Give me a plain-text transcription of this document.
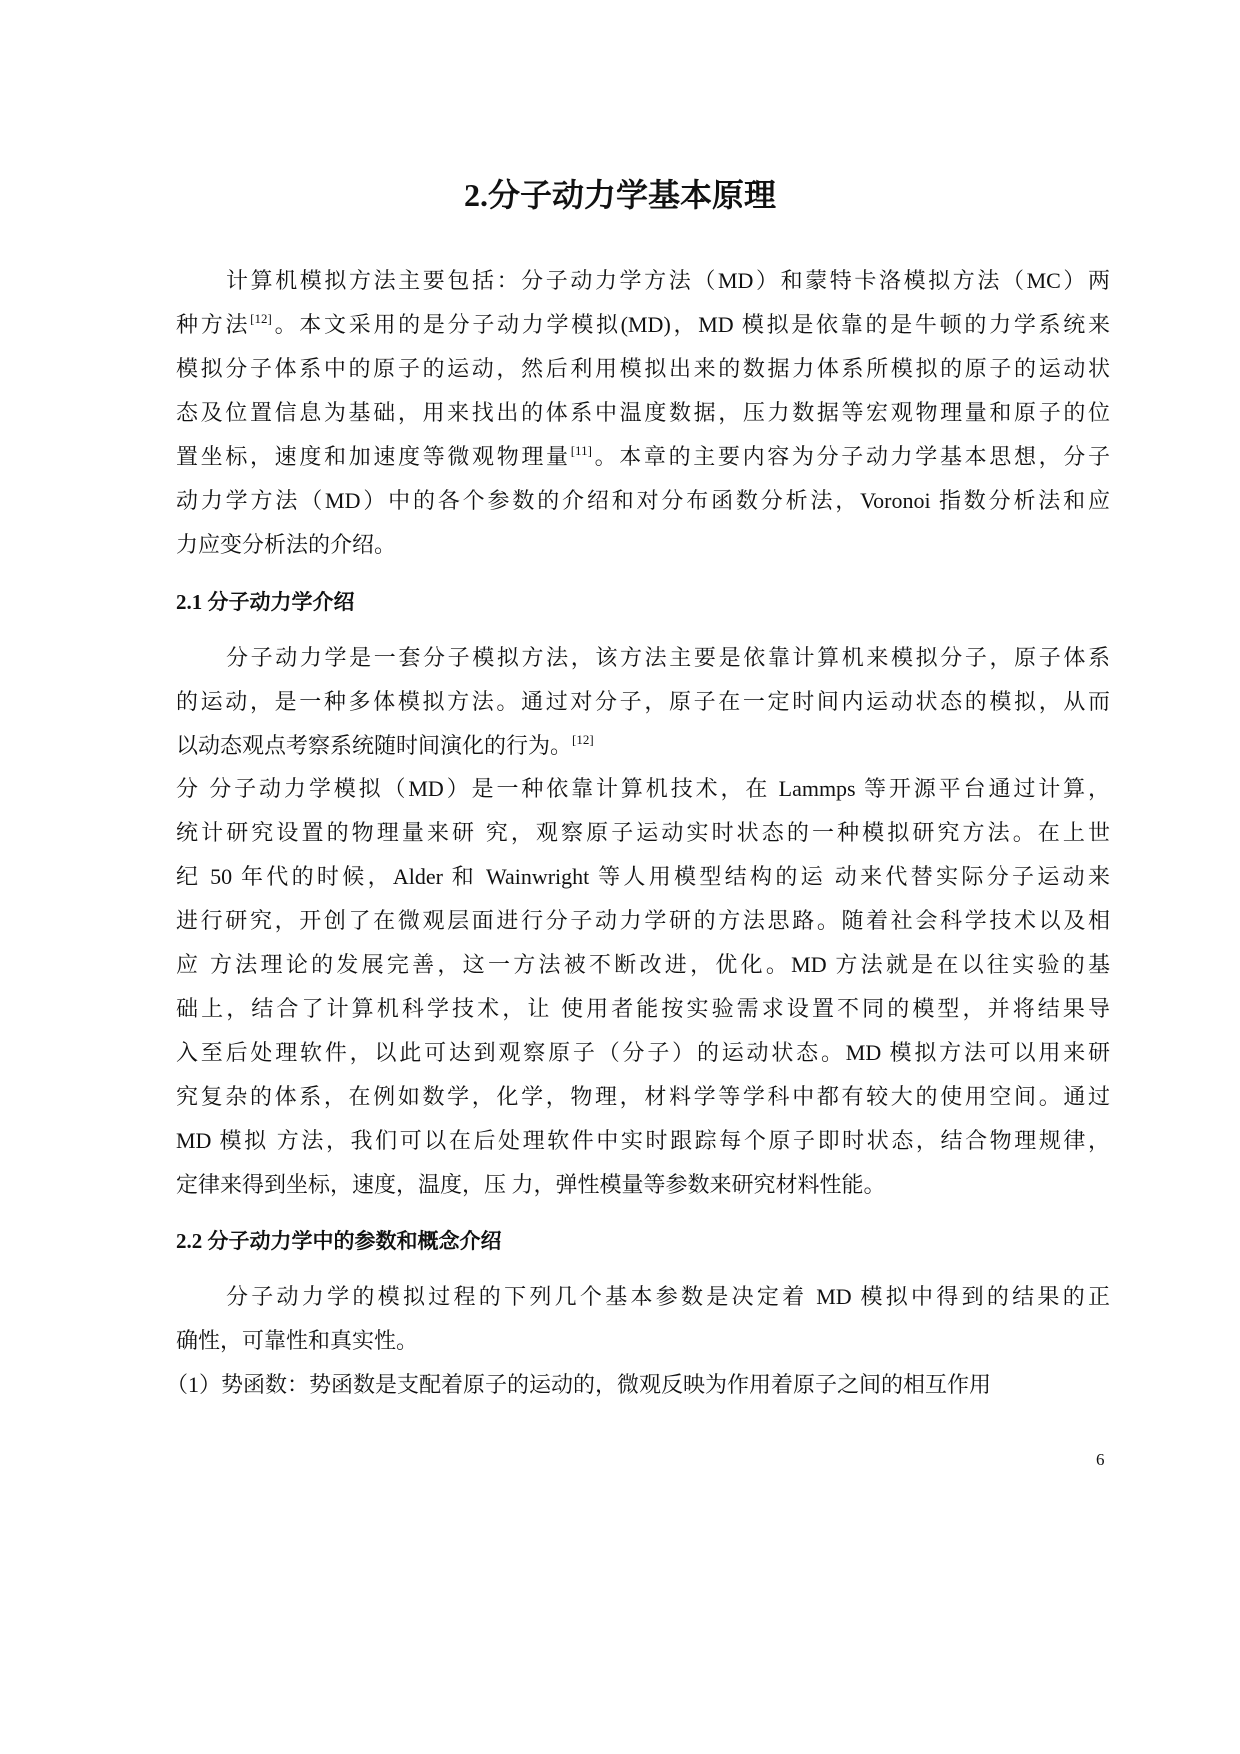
2.分子动力学基本原理
计算机模拟方法主要包括：分子动力学方法（MD）和蒙特卡洛模拟方法（MC）两
种方法[12]。本文采用的是分子动力学模拟(MD)，MD 模拟是依靠的是牛顿的力学系统来
模拟分子体系中的原子的运动，然后利用模拟出来的数据力体系所模拟的原子的运动状
态及位置信息为基础，用来找出的体系中温度数据，压力数据等宏观物理量和原子的位
置坐标，速度和加速度等微观物理量[11]。本章的主要内容为分子动力学基本思想，分子
动力学方法（MD）中的各个参数的介绍和对分布函数分析法，Voronoi 指数分析法和应
力应变分析法的介绍。
2.1 分子动力学介绍
分子动力学是一套分子模拟方法，该方法主要是依靠计算机来模拟分子，原子体系
的运动，是一种多体模拟方法。通过对分子，原子在一定时间内运动状态的模拟，从而
以动态观点考察系统随时间演化的行为。[12]
分 分子动力学模拟（MD）是一种依靠计算机技术，在 Lammps 等开源平台通过计算，
统计研究设置的物理量来研 究，观察原子运动实时状态的一种模拟研究方法。在上世
纪 50 年代的时候，Alder 和 Wainwright 等人用模型结构的运 动来代替实际分子运动来
进行研究，开创了在微观层面进行分子动力学研的方法思路。随着社会科学技术以及相
应 方法理论的发展完善，这一方法被不断改进，优化。MD 方法就是在以往实验的基
础上，结合了计算机科学技术，让 使用者能按实验需求设置不同的模型，并将结果导
入至后处理软件，以此可达到观察原子（分子）的运动状态。MD 模拟方法可以用来研
究复杂的体系，在例如数学，化学，物理，材料学等学科中都有较大的使用空间。通过
MD 模拟 方法，我们可以在后处理软件中实时跟踪每个原子即时状态，结合物理规律，
定律来得到坐标，速度，温度，压 力，弹性模量等参数来研究材料性能。
2.2 分子动力学中的参数和概念介绍
分子动力学的模拟过程的下列几个基本参数是决定着 MD 模拟中得到的结果的正
确性，可靠性和真实性。
（1）势函数：势函数是支配着原子的运动的，微观反映为作用着原子之间的相互作用
6
